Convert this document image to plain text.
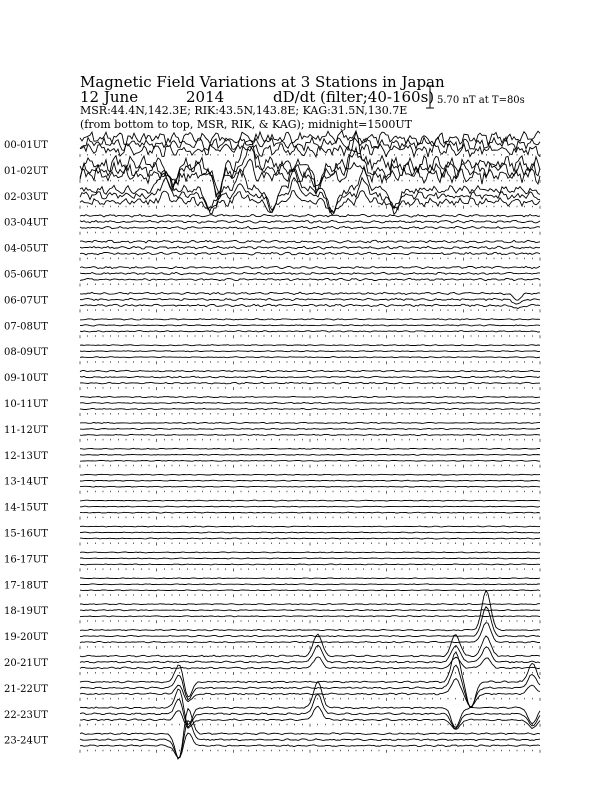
Magnetic Field Variations at 3 Stations in Japan
12 June	2014	dD/dt (filter;40-160s)
MSR:44.4N,142.3E; RIK:43.5N,143.8E; KAG:31.5N,130.7E
(from bottom to top, MSR, RIK, & KAG); midnight=1500UT
5.70 nT at T=80s
00-01UT
01-02UT
02-03UT
03-04UT
04-05UT
05-06UT
06-07UT
07-08UT
08-09UT
09-10UT
10-11UT
11-12UT
12-13UT
13-14UT
14-15UT
15-16UT
16-17UT
17-18UT
18-19UT
19-20UT
20-21UT
21-22UT
22-23UT
23-24UT
